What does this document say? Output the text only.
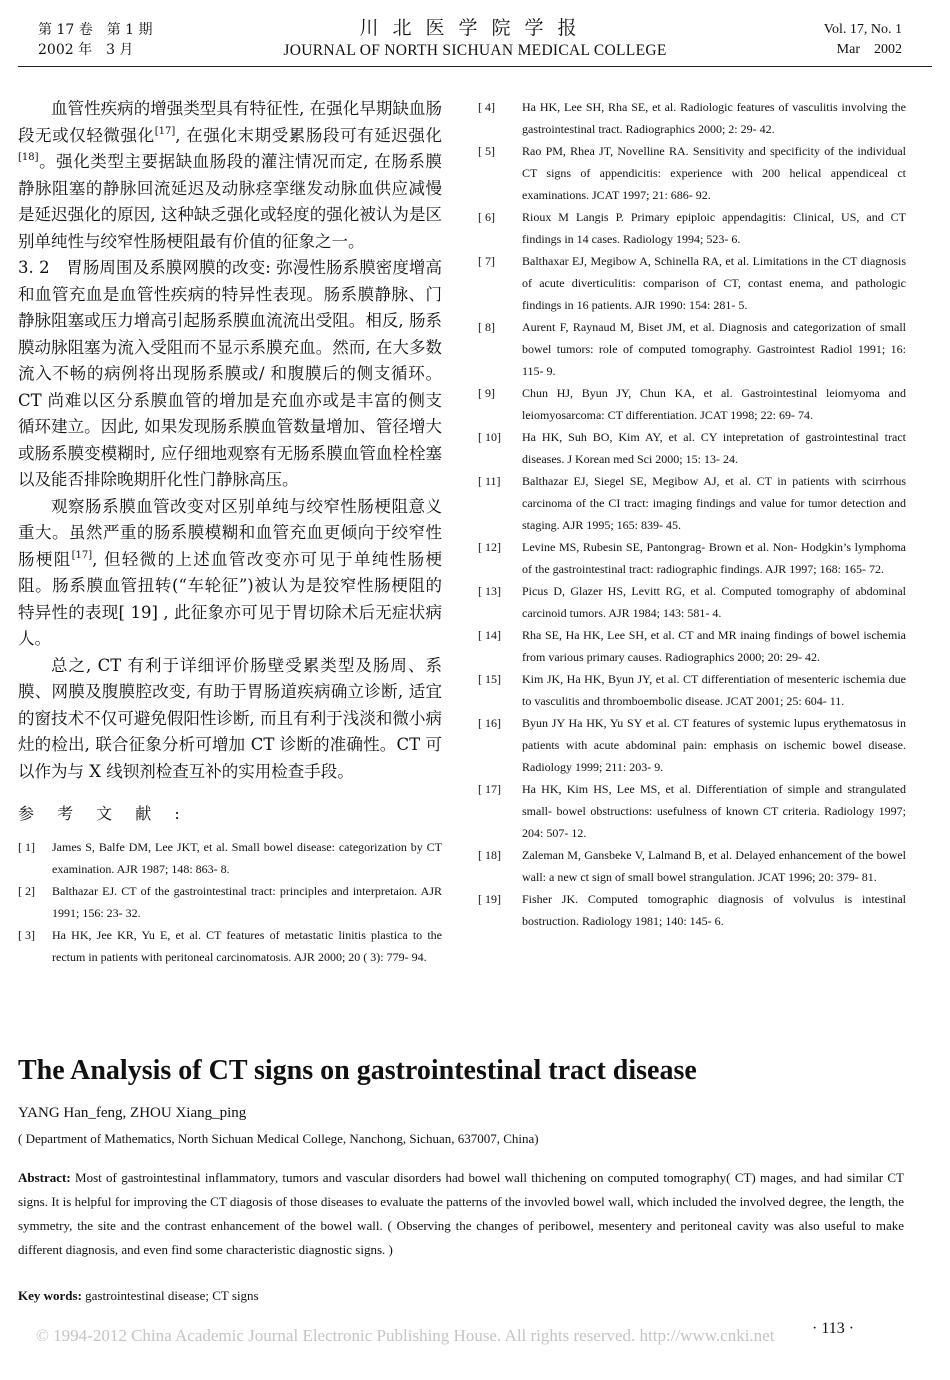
第 17 卷　第 1 期
2002 年　3 月
川北医学院学报
JOURNAL OF NORTH SICHUAN MEDICAL COLLEGE
Vol. 17, No. 1
Mar　2002

血管性疾病的增强类型具有特征性, 在强化早期缺血肠段无或仅轻微强化[17], 在强化末期受累肠段可有延迟强化[18]。强化类型主要据缺血肠段的灌注情况而定, 在肠系膜静脉阻塞的静脉回流延迟及动脉痉挛继发动脉血供应减慢是延迟强化的原因, 这种缺乏强化或轻度的强化被认为是区别单纯性与绞窄性肠梗阻最有价值的征象之一。

3. 2　胃肠周围及系膜网膜的改变: 弥漫性肠系膜密度增高和血管充血是血管性疾病的特异性表现。肠系膜静脉、门静脉阻塞或压力增高引起肠系膜血流流出受阻。相反, 肠系膜动脉阻塞为流入受阻而不显示系膜充血。然而, 在大多数流入不畅的病例将出现肠系膜或/ 和腹膜后的侧支循环。CT 尚难以区分系膜血管的增加是充血亦或是丰富的侧支循环建立。因此, 如果发现肠系膜血管数量增加、管径增大或肠系膜变模糊时, 应仔细地观察有无肠系膜血管血栓栓塞以及能否排除晚期肝化性门静脉高压。

观察肠系膜血管改变对区别单纯与绞窄性肠梗阻意义重大。虽然严重的肠系膜模糊和血管充血更倾向于绞窄性肠梗阻[17], 但轻微的上述血管改变亦可见于单纯性肠梗阻。肠系膜血管扭转(“车轮征”)被认为是狡窄性肠梗阻的特异性的表现[ 19] , 此征象亦可见于胃切除术后无症状病人。

总之, CT 有利于详细评价肠壁受累类型及肠周、系膜、网膜及腹膜腔改变, 有助于胃肠道疾病确立诊断, 适宜的窗技术不仅可避免假阳性诊断, 而且有利于浅淡和微小病灶的检出, 联合征象分析可增加 CT 诊断的准确性。CT 可以作为与 X 线钡剂检查互补的实用检查手段。

参 考 文 献 :
[ 1] James S, Balfe DM, Lee JKT, et al. Small bowel disease: categorization by CT examination. AJR 1987; 148: 863- 8.
[ 2] Balthazar EJ. CT of the gastrointestinal tract: principles and interpretaion. AJR 1991; 156: 23- 32.
[ 3] Ha HK, Jee KR, Yu E, et al. CT features of metastatic linitis plastica to the rectum in patients with peritoneal carcinomatosis. AJR 2000; 20 ( 3): 779- 94.
[ 4] Ha HK, Lee SH, Rha SE, et al. Radiologic features of vasculitis involving the gastrointestinal tract. Radiographics 2000; 2: 29- 42.
[ 5] Rao PM, Rhea JT, Novelline RA. Sensitivity and specificity of the individual CT signs of appendicitis: experience with 200 helical appendiceal ct examinations. JCAT 1997; 21: 686- 92.
[ 6] Rioux M Langis P. Primary epiploic appendagitis: Clinical, US, and CT findings in 14 cases. Radiology 1994; 523- 6.
[ 7] Balthaxar EJ, Megibow A, Schinella RA, et al. Limitations in the CT diagnosis of acute diverticulitis: comparison of CT, contast enema, and pathologic findings in 16 patients. AJR 1990: 154: 281- 5.
[ 8] Aurent F, Raynaud M, Biset JM, et al. Diagnosis and categorization of small bowel tumors: role of computed tomography. Gastrointest Radiol 1991; 16: 115- 9.
[ 9] Chun HJ, Byun JY, Chun KA, et al. Gastrointestinal leiomyoma and leiomyosarcoma: CT differentiation. JCAT 1998; 22: 69- 74.
[ 10] Ha HK, Suh BO, Kim AY, et al. CY intepretation of gastrointestinal tract diseases. J Korean med Sci 2000; 15: 13- 24.
[ 11] Balthazar EJ, Siegel SE, Megibow AJ, et al. CT in patients with scirrhous carcinoma of the CI tract: imaging findings and value for tumor detection and staging. AJR 1995; 165: 839- 45.
[ 12] Levine MS, Rubesin SE, Pantongrag- Brown et al. Non- Hodgkin’s lymphoma of the gastrointestinal tract: radiographic findings. AJR 1997; 168: 165- 72.
[ 13] Picus D, Glazer HS, Levitt RG, et al. Computed tomography of abdominal carcinoid tumors. AJR 1984; 143: 581- 4.
[ 14] Rha SE, Ha HK, Lee SH, et al. CT and MR inaing findings of bowel ischemia from various primary causes. Radiographics 2000; 20: 29- 42.
[ 15] Kim JK, Ha HK, Byun JY, et al. CT differentiation of mesenteric ischemia due to vasculitis and thromboembolic disease. JCAT 2001; 25: 604- 11.
[ 16] Byun JY Ha HK, Yu SY et al. CT features of systemic lupus erythematosus in patients with acute abdominal pain: emphasis on ischemic bowel disease. Radiology 1999; 211: 203- 9.
[ 17] Ha HK, Kim HS, Lee MS, et al. Differentiation of simple and strangulated small- bowel obstructions: usefulness of known CT criteria. Radiology 1997; 204: 507- 12.
[ 18] Zaleman M, Gansbeke V, Lalmand B, et al. Delayed enhancement of the bowel wall: a new ct sign of small bowel strangulation. JCAT 1996; 20: 379- 81.
[ 19] Fisher JK. Computed tomographic diagnosis of volvulus is intestinal bostruction. Radiology 1981; 140: 145- 6.
The Analysis of CT signs on gastrointestinal tract disease
YANG Han_feng, ZHOU Xiang_ping
( Department of Mathematics, North Sichuan Medical College, Nanchong, Sichuan, 637007, China)
Abstract: Most of gastrointestinal inflammatory, tumors and vascular disorders had bowel wall thichening on computed tomography( CT) mages, and had similar CT signs. It is helpful for improving the CT diagosis of those diseases to evaluate the patterns of the invovled bowel wall, which included the involved degree, the length, the symmetry, the site and the contrast enhancement of the bowel wall. ( Observing the changes of peribowel, mesentery and peritoneal cavity was also useful to make different diagnosis, and even find some characteristic diagnostic signs. )
Key words: gastrointestinal disease; CT signs
© 1994-2012 China Academic Journal Electronic Publishing House. All rights reserved. http://www.cnki.net · 113 ·
